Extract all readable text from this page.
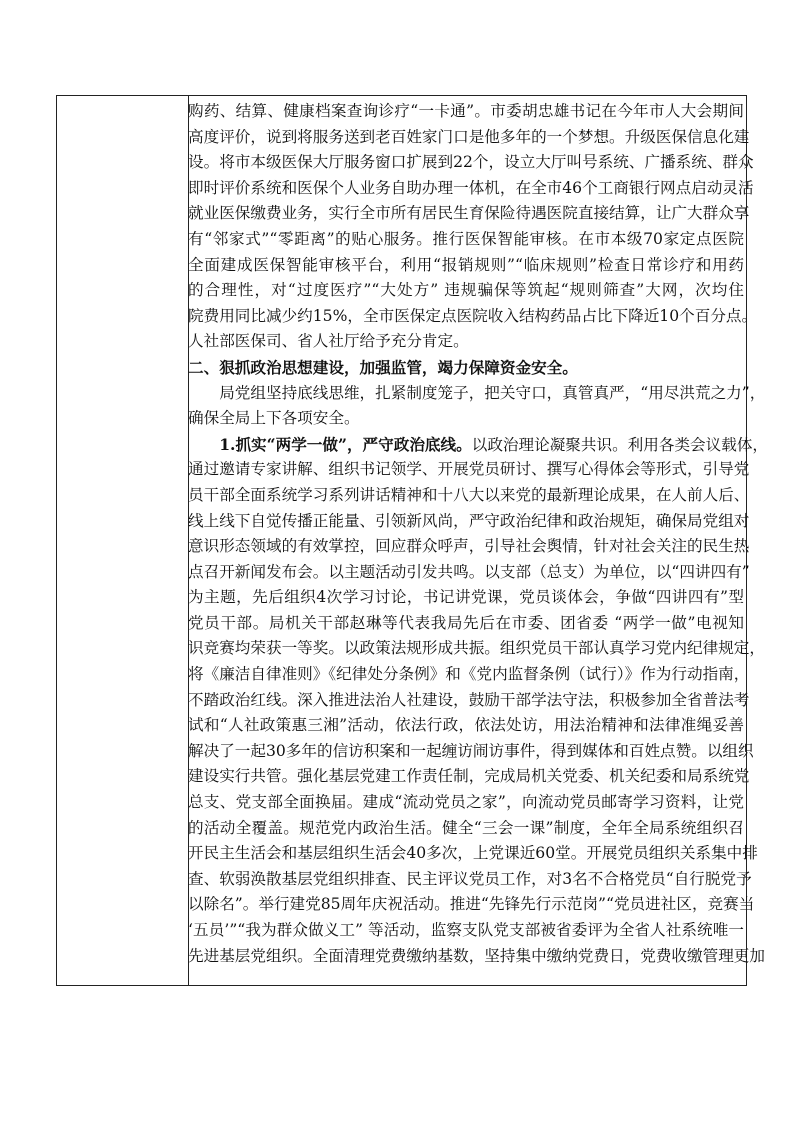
购药、结算、健康档案查询诊疗“一卡通”。市委胡忠雄书记在今年市人大会期间
高度评价，说到将服务送到老百姓家门口是他多年的一个梦想。升级医保信息化建
设。将市本级医保大厅服务窗口扩展到22个，设立大厅叫号系统、广播系统、群众
即时评价系统和医保个人业务自助办理一体机，在全市46个工商银行网点启动灵活
就业医保缴费业务，实行全市所有居民生育保险待遇医院直接结算，让广大群众享
有“邻家式”“零距离”的贴心服务。推行医保智能审核。在市本级70家定点医院
全面建成医保智能审核平台，利用“报销规则”“临床规则”检查日常诊疗和用药
的合理性，对“过度医疗”“大处方” 违规骗保等筑起“规则筛查”大网，次均住
院费用同比减少约15%，全市医保定点医院收入结构药品占比下降近10个百分点。
人社部医保司、省人社厅给予充分肯定。
二、狠抓政治思想建设，加强监管，竭力保障资金安全。
　　局党组坚持底线思维，扎紧制度笼子，把关守口，真管真严，“用尽洪荒之力”，
确保全局上下各项安全。
　　1.抓实“两学一做”，严守政治底线。以政治理论凝聚共识。利用各类会议载体，
通过邀请专家讲解、组织书记领学、开展党员研讨、撰写心得体会等形式，引导党
员干部全面系统学习系列讲话精神和十八大以来党的最新理论成果，在人前人后、
线上线下自觉传播正能量、引领新风尚，严守政治纪律和政治规矩，确保局党组对
意识形态领域的有效掌控，回应群众呼声，引导社会舆情，针对社会关注的民生热
点召开新闻发布会。以主题活动引发共鸣。以支部（总支）为单位，以“四讲四有”
为主题，先后组织4次学习讨论，书记讲党课，党员谈体会，争做“四讲四有”型
党员干部。局机关干部赵琳等代表我局先后在市委、团省委 “两学一做”电视知
识竞赛均荣获一等奖。以政策法规形成共振。组织党员干部认真学习党内纪律规定，
将《廉洁自律准则》《纪律处分条例》和《党内监督条例（试行）》作为行动指南，
不踏政治红线。深入推进法治人社建设，鼓励干部学法守法，积极参加全省普法考
试和“人社政策惠三湘”活动，依法行政，依法处访，用法治精神和法律准绳妥善
解决了一起30多年的信访积案和一起缠访闹访事件，得到媒体和百姓点赞。以组织
建设实行共管。强化基层党建工作责任制，完成局机关党委、机关纪委和局系统党
总支、党支部全面换届。建成“流动党员之家”，向流动党员邮寄学习资料，让党
的活动全覆盖。规范党内政治生活。健全“三会一课”制度，全年全局系统组织召
开民主生活会和基层组织生活会40多次，上党课近60堂。开展党员组织关系集中排
查、软弱涣散基层党组织排查、民主评议党员工作，对3名不合格党员“自行脱党予
以除名”。举行建党85周年庆祝活动。推进“先锋先行示范岗”“党员进社区，竞赛当
‘五员’”“我为群众做义工” 等活动，监察支队党支部被省委评为全省人社系统唯一
先进基层党组织。全面清理党费缴纳基数，坚持集中缴纳党费日，党费收缴管理更加
